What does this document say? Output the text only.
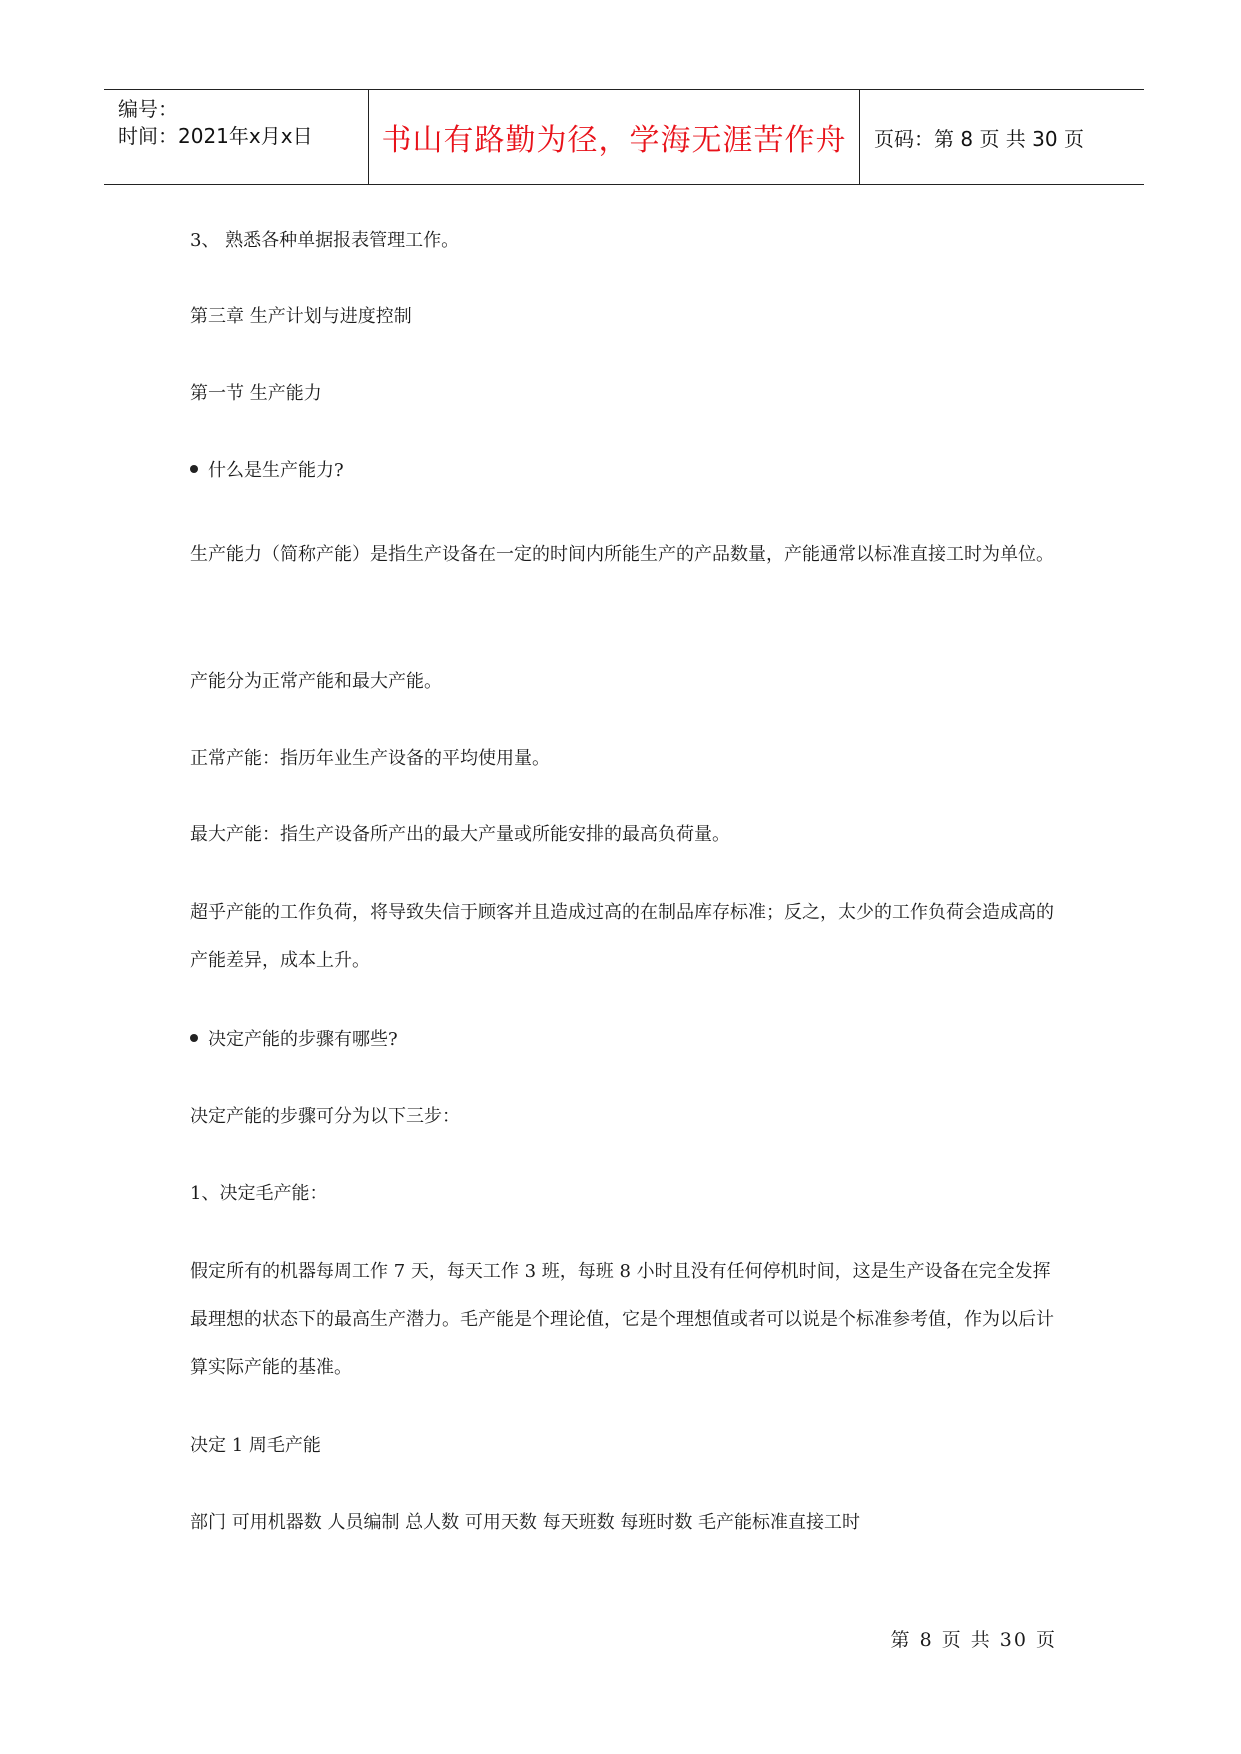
编号：
时间：2021年x月x日 书山有路勤为径，学海无涯苦作舟 页码：第 8 页 共 30 页

3、 熟悉各种单据报表管理工作。

第三章 生产计划与进度控制

第一节 生产能力

什么是生产能力?

生产能力（简称产能）是指生产设备在一定的时间内所能生产的产品数量，产能通常以标准直接工时为单位。

产能分为正常产能和最大产能。

正常产能：指历年业生产设备的平均使用量。

最大产能：指生产设备所产出的最大产量或所能安排的最高负荷量。

超乎产能的工作负荷，将导致失信于顾客并且造成过高的在制品库存标准；反之，太少的工作负荷会造成高的产能差异，成本上升。

决定产能的步骤有哪些?

决定产能的步骤可分为以下三步：

1、决定毛产能：

假定所有的机器每周工作 7 天，每天工作 3 班，每班 8 小时且没有任何停机时间，这是生产设备在完全发挥最理想的状态下的最高生产潜力。毛产能是个理论值，它是个理想值或者可以说是个标准参考值，作为以后计算实际产能的基准。

决定 1 周毛产能

部门 可用机器数 人员编制 总人数 可用天数 每天班数 每班时数 毛产能标准直接工时

第 8 页 共 30 页
